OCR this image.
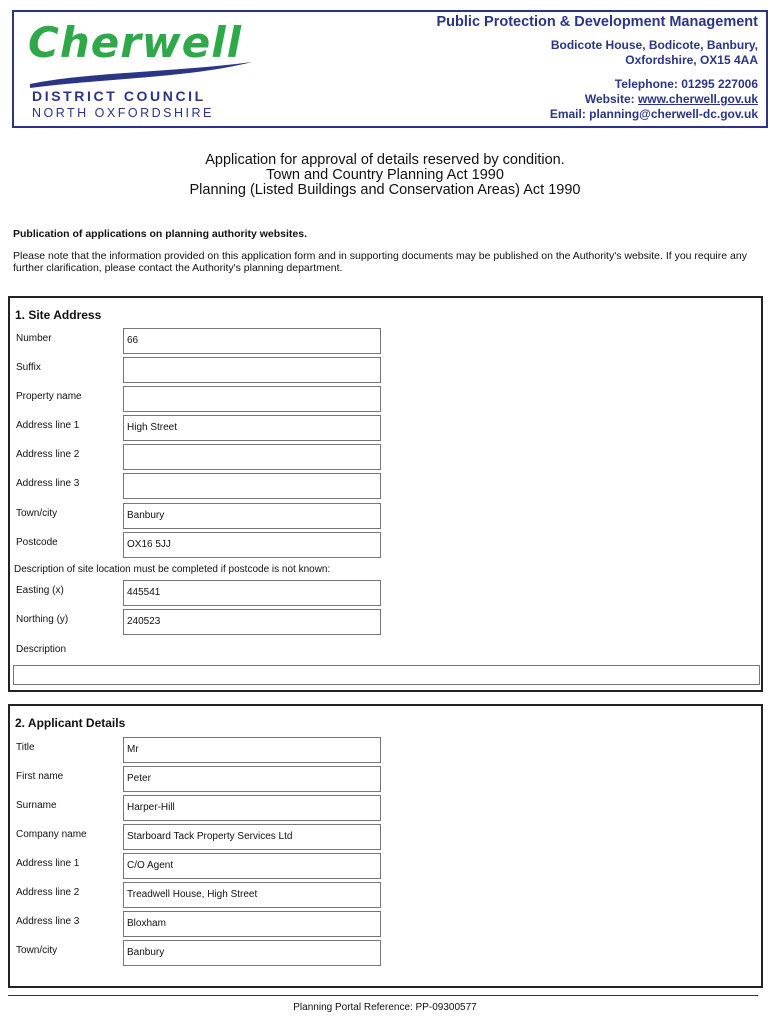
Cherwell
DISTRICT COUNCIL
NORTH OXFORDSHIRE
Public Protection & Development Management
Bodicote House, Bodicote, Banbury,
Oxfordshire, OX15 4AA
Telephone: 01295 227006
Website: www.cherwell.gov.uk
Email: planning@cherwell-dc.gov.uk
Application for approval of details reserved by condition.
Town and Country Planning Act 1990
Planning (Listed Buildings and Conservation Areas) Act 1990
Publication of applications on planning authority websites.
Please note that the information provided on this application form and in supporting documents may be published on the Authority's website. If you require any further clarification, please contact the Authority's planning department.
1. Site Address
Number	66
Suffix
Property name
Address line 1	High Street
Address line 2
Address line 3
Town/city	Banbury
Postcode	OX16 5JJ
Description of site location must be completed if postcode is not known:
Easting (x)	445541
Northing (y)	240523
Description
2. Applicant Details
Title	Mr
First name	Peter
Surname	Harper-Hill
Company name	Starboard Tack Property Services Ltd
Address line 1	C/O Agent
Address line 2	Treadwell House, High Street
Address line 3	Bloxham
Town/city	Banbury
Planning Portal Reference: PP-09300577
